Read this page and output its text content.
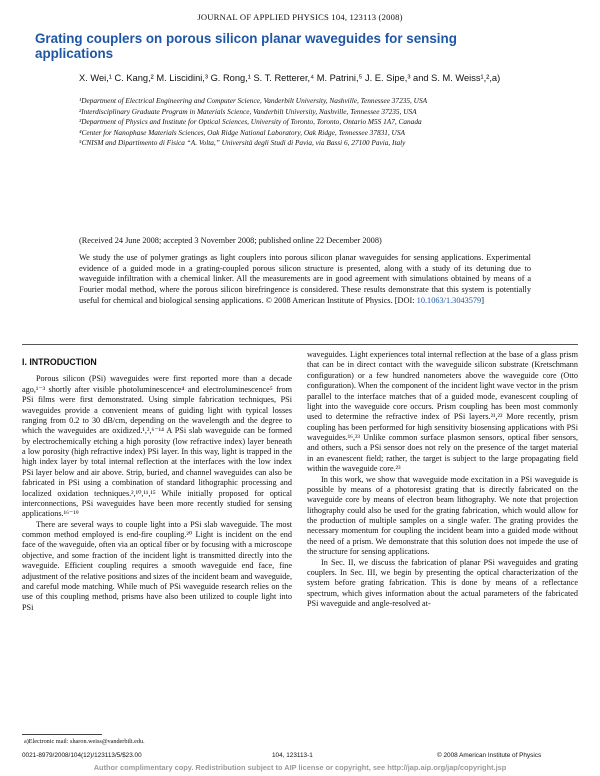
JOURNAL OF APPLIED PHYSICS 104, 123113 (2008)
Grating couplers on porous silicon planar waveguides for sensing applications
X. Wei,¹ C. Kang,² M. Liscidini,³ G. Rong,¹ S. T. Retterer,⁴ M. Patrini,⁵ J. E. Sipe,³ and S. M. Weiss¹,²,a)

¹Department of Electrical Engineering and Computer Science, Vanderbilt University, Nashville, Tennessee 37235, USA

²Interdisciplinary Graduate Program in Materials Science, Vanderbilt University, Nashville, Tennessee 37235, USA

³Department of Physics and Institute for Optical Sciences, University of Toronto, Toronto, Ontario M5S 1A7, Canada

⁴Center for Nanophase Materials Sciences, Oak Ridge National Laboratory, Oak Ridge, Tennessee 37831, USA

⁵CNISM and Dipartimento di Fisica “A. Volta,” Università degli Studi di Pavia, via Bassi 6, 27100 Pavia, Italy

(Received 24 June 2008; accepted 3 November 2008; published online 22 December 2008)
We study the use of polymer gratings as light couplers into porous silicon planar waveguides for sensing applications. Experimental evidence of a guided mode in a grating-coupled porous silicon structure is presented, along with a study of its detuning due to waveguide infiltration with a chemical linker. All the measurements are in good agreement with simulations obtained by means of a Fourier modal method, where the porous silicon birefringence is considered. These results demonstrate that this system is potentially useful for chemical and biological sensing applications. © 2008 American Institute of Physics. [DOI: 10.1063/1.3043579]
I. INTRODUCTION

Porous silicon (PSi) waveguides were first reported more than a decade ago,¹⁻³ shortly after visible photoluminescence⁴ and electroluminescence⁵ from PSi films were first demonstrated. Using simple fabrication techniques, PSi waveguides provide a convenient means of guiding light with typical losses ranging from 0.2 to 30 dB/cm, depending on the wavelength and the degree to which the waveguides are oxidized.¹,²,⁶⁻¹⁴ A PSi slab waveguide can be formed by electrochemically etching a high porosity (low refractive index) layer beneath a low porosity (high refractive index) PSi layer. In this way, light is trapped in the high index layer by total internal reflection at the interfaces with the low index PSi layer below and air above. Strip, buried, and channel waveguides can also be fabricated in PSi using a combination of standard lithographic processing and localized oxidation techniques.²,¹⁰,¹¹,¹⁵ While initially proposed for optical interconnections, PSi waveguides have been more recently studied for sensing applications.¹⁶⁻¹⁹

There are several ways to couple light into a PSi slab waveguide. The most common method employed is end-fire coupling.²⁰ Light is incident on the end face of the waveguide, often via an optical fiber or by focusing with a microscope objective, and some fraction of the incident light is transmitted directly into the waveguide. Efficient coupling requires a smooth waveguide end face, fine adjustment of the relative positions and sizes of the incident beam and waveguide, and careful mode matching. While much of PSi waveguide research relies on the use of this coupling method, prisms have also been utilized to couple light into PSi

waveguides. Light experiences total internal reflection at the base of a glass prism that can be in direct contact with the waveguide silicon substrate (Kretschmann configuration) or a few hundred nanometers above the waveguide core (Otto configuration). When the component of the incident light wave vector in the prism parallel to the interface matches that of a guided mode, evanescent coupling of light into the waveguide core occurs. Prism coupling has been most commonly used to determine the refractive index of PSi layers.²¹,²² More recently, prism coupling has been performed for high sensitivity biosensing applications with PSi waveguides.¹⁶,²³ Unlike common surface plasmon sensors, optical fiber sensors, and others, such a PSi sensor does not rely on the presence of the target material in an evanescent field; rather, the target is subject to the large propagating field within the waveguide core.²³

In this work, we show that waveguide mode excitation in a PSi waveguide is possible by means of a photoresist grating that is directly fabricated on the waveguide core by means of electron beam lithography. We note that projection lithography could also be used for the grating fabrication, which would allow for the production of multiple samples on a single wafer. The grating provides the necessary momentum for coupling the incident beam into a guided mode without the need of a prism. We demonstrate that this solution does not impede the use of the structure for sensing applications.

In Sec. II, we discuss the fabrication of planar PSi waveguides and grating couplers. In Sec. III, we begin by presenting the optical characterization of the system before grating fabrication. This is done by means of a reflectance spectrum, which gives information about the actual parameters of the fabricated PSi waveguide and angle-resolved at-

a)Electronic mail: sharon.weiss@vanderbilt.edu.
0021-8979/2008/104(12)/123113/5/$23.00	104, 123113-1	© 2008 American Institute of Physics
Author complimentary copy. Redistribution subject to AIP license or copyright, see http://jap.aip.org/jap/copyright.jsp
